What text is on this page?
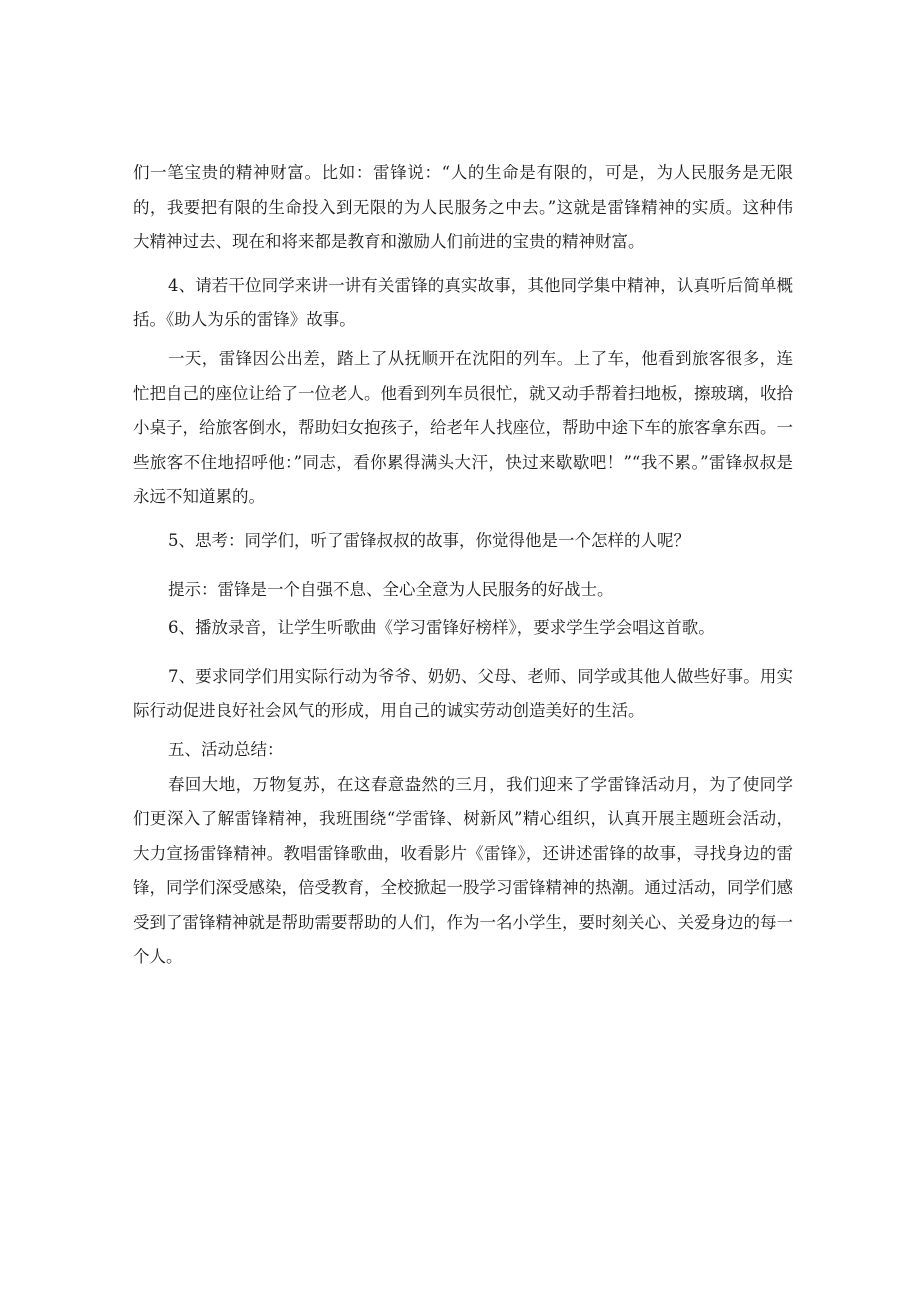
们一笔宝贵的精神财富。比如：雷锋说：“人的生命是有限的，可是，为人民服务是无限的，我要把有限的生命投入到无限的为人民服务之中去。”这就是雷锋精神的实质。这种伟大精神过去、现在和将来都是教育和激励人们前进的宝贵的精神财富。

4、请若干位同学来讲一讲有关雷锋的真实故事，其他同学集中精神，认真听后简单概括。《助人为乐的雷锋》故事。

一天，雷锋因公出差，踏上了从抚顺开在沈阳的列车。上了车，他看到旅客很多，连忙把自己的座位让给了一位老人。他看到列车员很忙，就又动手帮着扫地板，擦玻璃，收拾小桌子，给旅客倒水，帮助妇女抱孩子，给老年人找座位，帮助中途下车的旅客拿东西。一些旅客不住地招呼他：”同志，看你累得满头大汗，快过来歇歇吧！”“我不累。”雷锋叔叔是永远不知道累的。

5、思考：同学们，听了雷锋叔叔的故事，你觉得他是一个怎样的人呢？

提示：雷锋是一个自强不息、全心全意为人民服务的好战士。

6、播放录音，让学生听歌曲《学习雷锋好榜样》，要求学生学会唱这首歌。

7、要求同学们用实际行动为爷爷、奶奶、父母、老师、同学或其他人做些好事。用实际行动促进良好社会风气的形成，用自己的诚实劳动创造美好的生活。

五、活动总结：

春回大地，万物复苏，在这春意盎然的三月，我们迎来了学雷锋活动月，为了使同学们更深入了解雷锋精神，我班围绕“学雷锋、树新风”精心组织，认真开展主题班会活动，大力宣扬雷锋精神。教唱雷锋歌曲，收看影片《雷锋》，还讲述雷锋的故事，寻找身边的雷锋，同学们深受感染，倍受教育，全校掀起一股学习雷锋精神的热潮。通过活动，同学们感受到了雷锋精神就是帮助需要帮助的人们，作为一名小学生，要时刻关心、关爱身边的每一个人。
